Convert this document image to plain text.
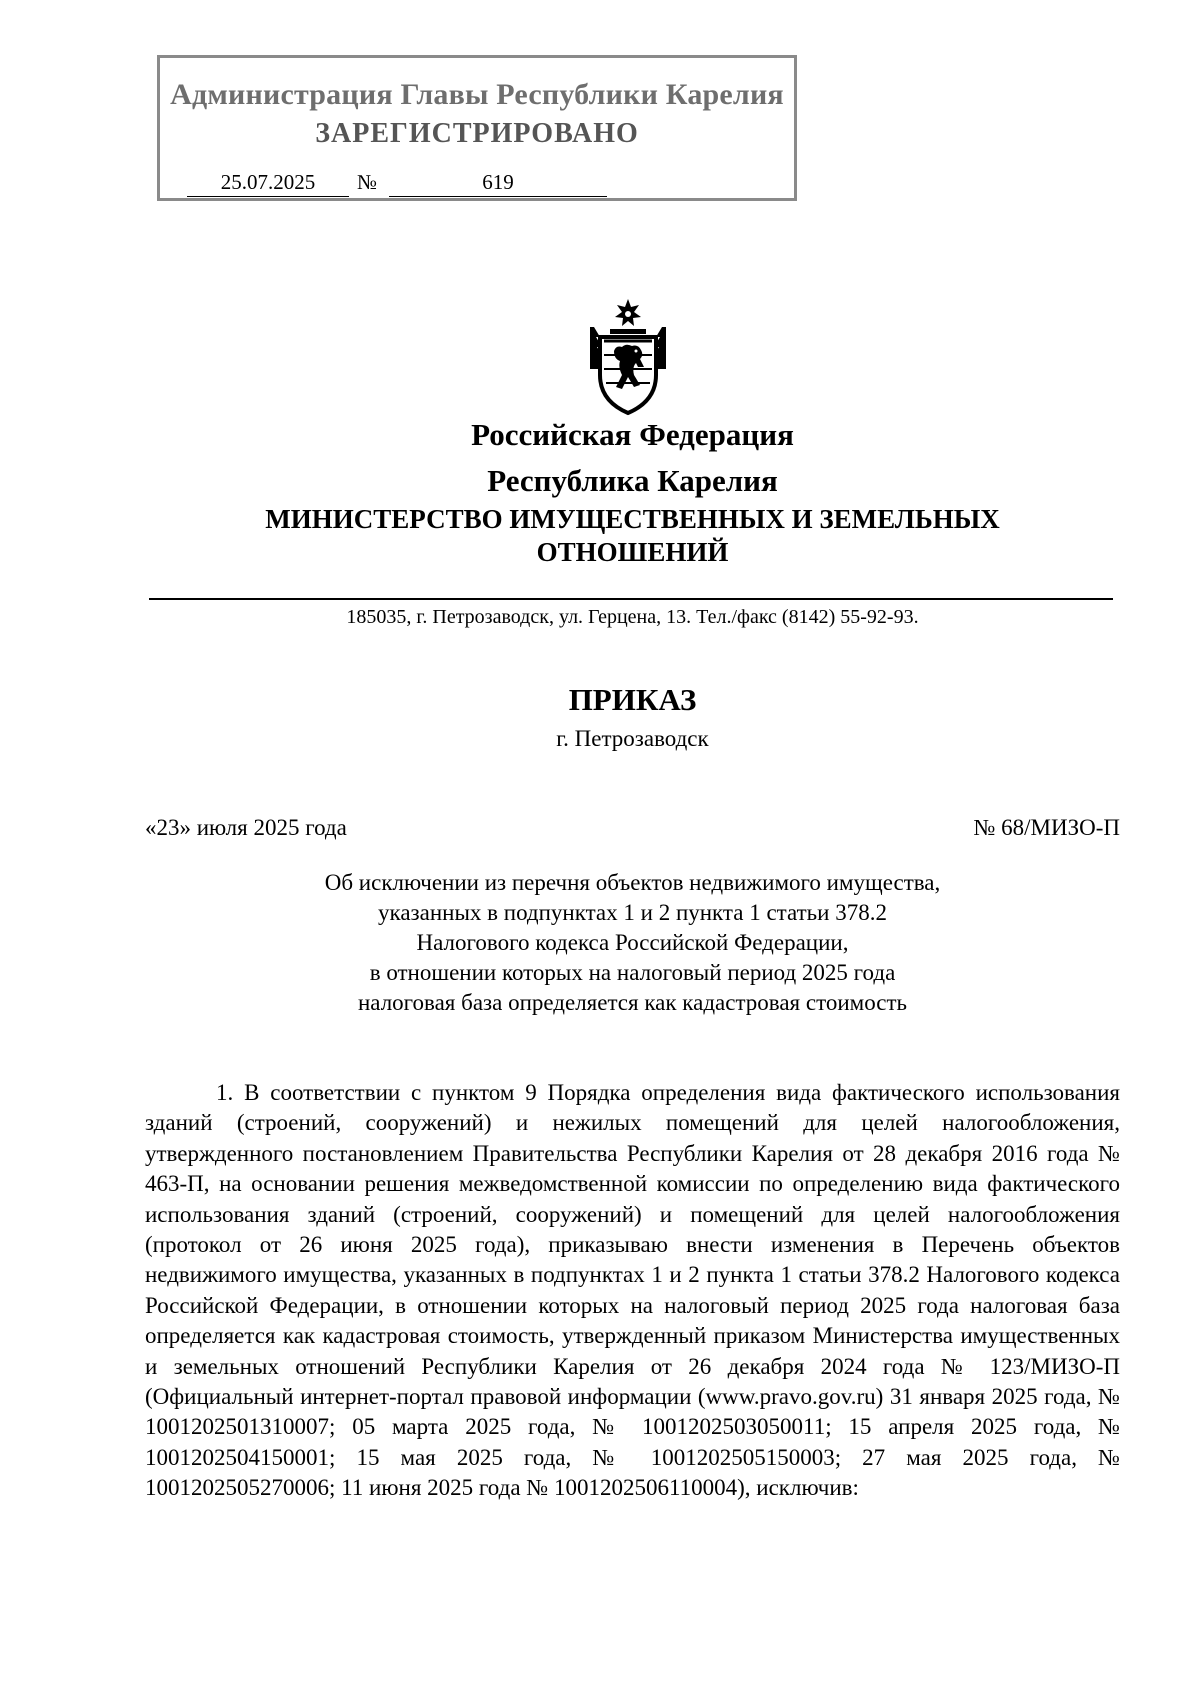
Администрация Главы Республики Карелия
ЗАРЕГИСТРИРОВАНО
25.07.2025	№	619
Российская Федерация
Республика Карелия
МИНИСТЕРСТВО ИМУЩЕСТВЕННЫХ И ЗЕМЕЛЬНЫХ
ОТНОШЕНИЙ
185035, г. Петрозаводск, ул. Герцена, 13. Тел./факс (8142) 55-92-93.
ПРИКАЗ
г. Петрозаводск
«23» июля 2025 года	№ 68/МИЗО-П
Об исключении из перечня объектов недвижимого имущества,
указанных в подпунктах 1 и 2 пункта 1 статьи 378.2
Налогового кодекса Российской Федерации,
в отношении которых на налоговый период 2025 года
налоговая база определяется как кадастровая стоимость

1. В соответствии с пунктом 9 Порядка определения вида фактического использования зданий (строений, сооружений) и нежилых помещений для целей налогообложения, утвержденного постановлением Правительства Республики Карелия от 28 декабря 2016 года № 463-П, на основании решения межведомственной комиссии по определению вида фактического использования зданий (строений, сооружений) и помещений для целей налогообложения (протокол от 26 июня 2025 года), приказываю внести изменения в Перечень объектов недвижимого имущества, указанных в подпунктах 1 и 2 пункта 1 статьи 378.2 Налогового кодекса Российской Федерации, в отношении которых на налоговый период 2025 года налоговая база определяется как кадастровая стоимость, утвержденный приказом Министерства имущественных и земельных отношений Республики Карелия от 26 декабря 2024 года № 123/МИЗО-П (Официальный интернет-портал правовой информации (www.pravo.gov.ru) 31 января 2025 года, № 1001202501310007; 05 марта 2025 года, № 1001202503050011; 15 апреля 2025 года, № 1001202504150001; 15 мая 2025 года, № 1001202505150003; 27 мая 2025 года, № 1001202505270006; 11 июня 2025 года № 1001202506110004), исключив:
